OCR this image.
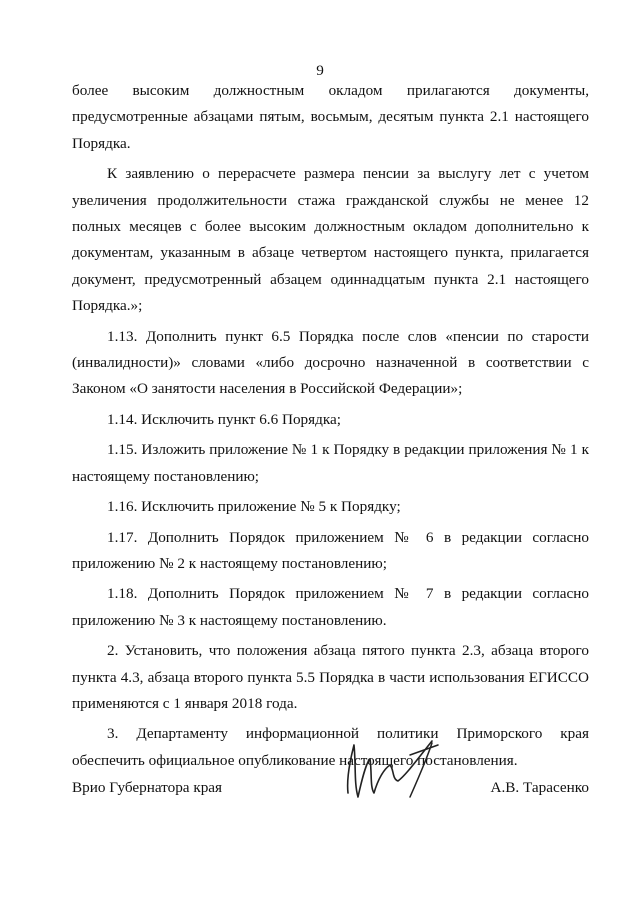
9

более высоким должностным окладом прилагаются документы, предусмотренные абзацами пятым, восьмым, десятым пункта 2.1 настоящего Порядка.

К заявлению о перерасчете размера пенсии за выслугу лет с учетом увеличения продолжительности стажа гражданской службы не менее 12 полных месяцев с более высоким должностным окладом дополнительно к документам, указанным в абзаце четвертом настоящего пункта, прилагается документ, предусмотренный абзацем одиннадцатым пункта 2.1 настоящего Порядка.»;

1.13. Дополнить пункт 6.5 Порядка после слов «пенсии по старости (инвалидности)» словами «либо досрочно назначенной в соответствии с Законом «О занятости населения в Российской Федерации»;

1.14. Исключить пункт 6.6 Порядка;

1.15. Изложить приложение № 1 к Порядку в редакции приложения № 1 к настоящему постановлению;

1.16. Исключить приложение № 5 к Порядку;

1.17. Дополнить Порядок приложением № 6 в редакции согласно приложению № 2 к настоящему постановлению;

1.18. Дополнить Порядок приложением № 7 в редакции согласно приложению № 3 к настоящему постановлению.

2. Установить, что положения абзаца пятого пункта 2.3, абзаца второго пункта 4.3, абзаца второго пункта 5.5 Порядка в части использования ЕГИССО применяются с 1 января 2018 года.

3. Департаменту информационной политики Приморского края обеспечить официальное опубликование настоящего постановления.

Врио Губернатора края	А.В. Тарасенко
